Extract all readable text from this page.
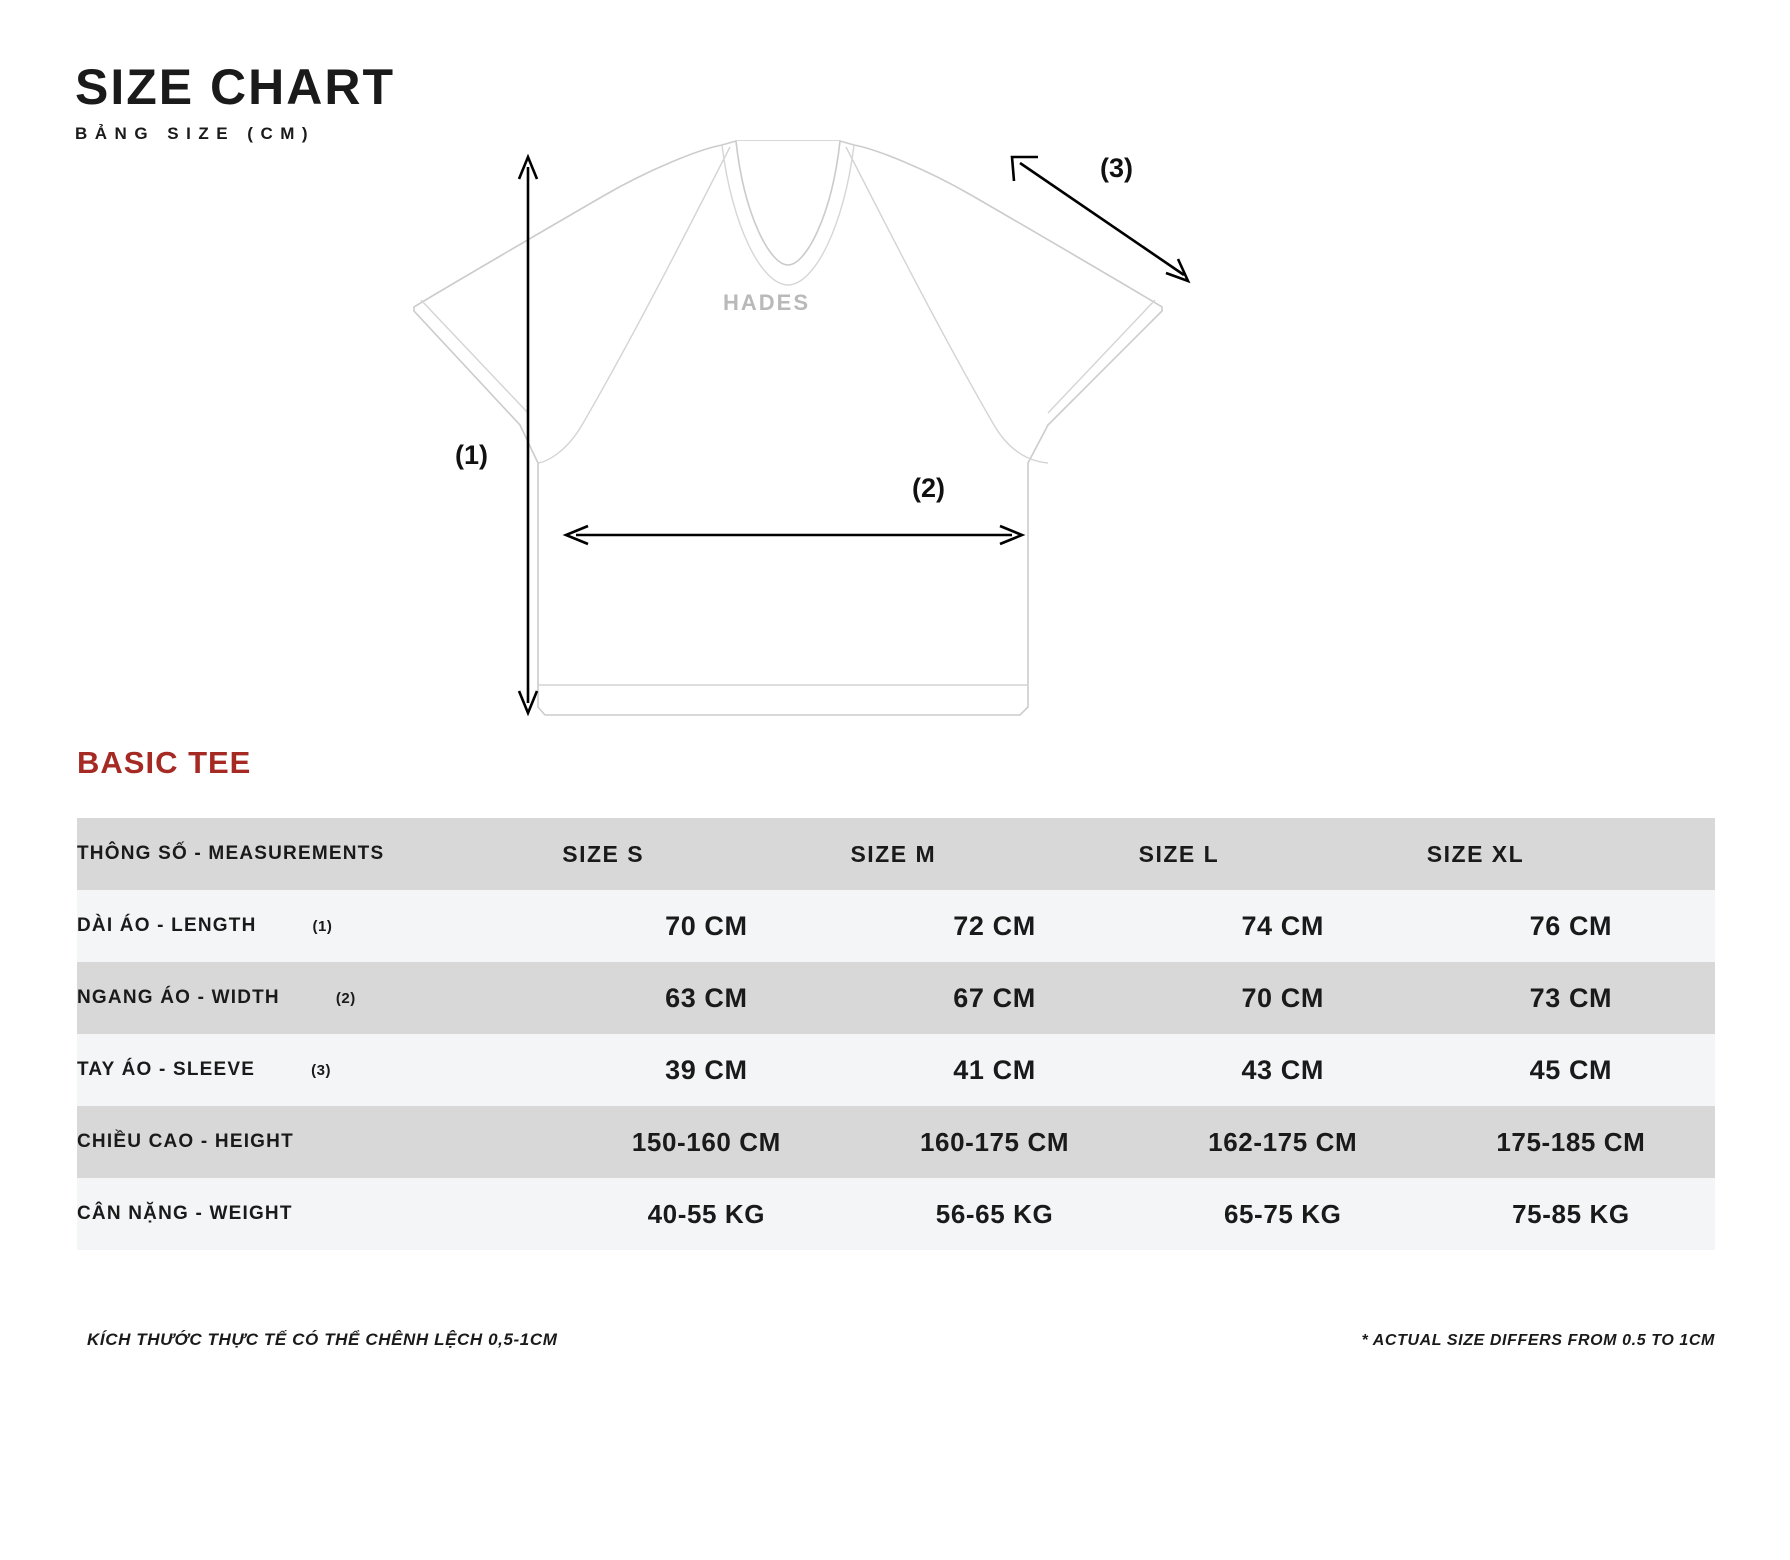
SIZE CHART
BẢNG SIZE (CM)
HADES
(1)
(2)
(3)
BASIC TEE
THÔNG SỐ - MEASUREMENTS	SIZE S	SIZE M	SIZE L	SIZE XL
DÀI ÁO - LENGTH (1)	70 CM	72 CM	74 CM	76 CM
NGANG ÁO - WIDTH (2)	63 CM	67 CM	70 CM	73 CM
TAY ÁO - SLEEVE (3)	39 CM	41 CM	43 CM	45 CM
CHIỀU CAO - HEIGHT	150-160 CM	160-175 CM	162-175 CM	175-185 CM
CÂN NẶNG - WEIGHT	40-55 KG	56-65 KG	65-75 KG	75-85 KG
KÍCH THƯỚC THỰC TẾ CÓ THỂ CHÊNH LỆCH 0,5-1CM	* ACTUAL SIZE DIFFERS FROM 0.5 TO 1CM
